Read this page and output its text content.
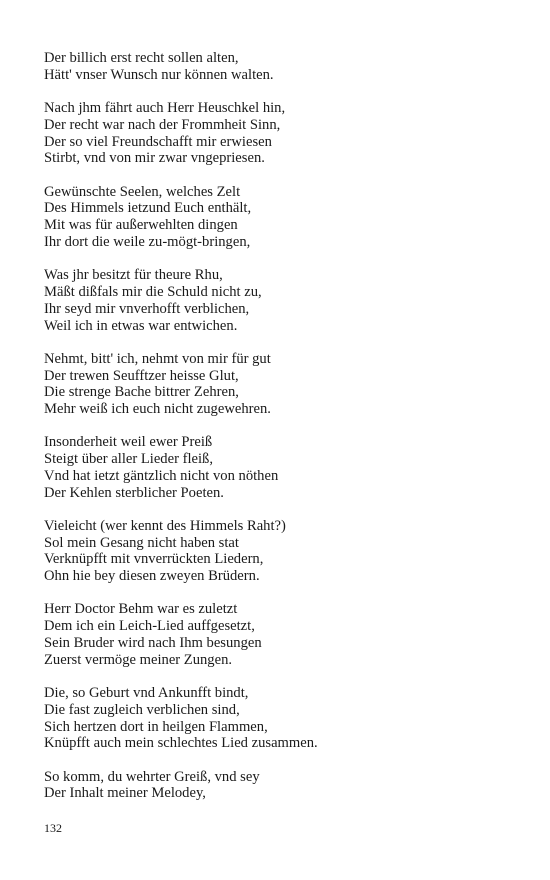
Der billich erst recht sollen alten,
Hätt' vnser Wunsch nur können walten.
Nach jhm fährt auch Herr Heuschkel hin,
Der recht war nach der Frommheit Sinn,
Der so viel Freundschafft mir erwiesen
Stirbt, vnd von mir zwar vngepriesen.
Gewünschte Seelen, welches Zelt
Des Himmels ietzund Euch enthält,
Mit was für außerwehlten dingen
Ihr dort die weile zu-mögt-bringen,
Was jhr besitzt für theure Rhu,
Mäßt dißfals mir die Schuld nicht zu,
Ihr seyd mir vnverhofft verblichen,
Weil ich in etwas war entwichen.
Nehmt, bitt' ich, nehmt von mir für gut
Der trewen Seufftzer heisse Glut,
Die strenge Bache bittrer Zehren,
Mehr weiß ich euch nicht zugewehren.
Insonderheit weil ewer Preiß
Steigt über aller Lieder fleiß,
Vnd hat ietzt gäntzlich nicht von nöthen
Der Kehlen sterblicher Poeten.
Vieleicht (wer kennt des Himmels Raht?)
Sol mein Gesang nicht haben stat
Verknüpfft mit vnverrückten Liedern,
Ohn hie bey diesen zweyen Brüdern.
Herr Doctor Behm war es zuletzt
Dem ich ein Leich-Lied auffgesetzt,
Sein Bruder wird nach Ihm besungen
Zuerst vermöge meiner Zungen.
Die, so Geburt vnd Ankunfft bindt,
Die fast zugleich verblichen sind,
Sich hertzen dort in heilgen Flammen,
Knüpfft auch mein schlechtes Lied zusammen.
So komm, du wehrter Greiß, vnd sey
Der Inhalt meiner Melodey,
132
